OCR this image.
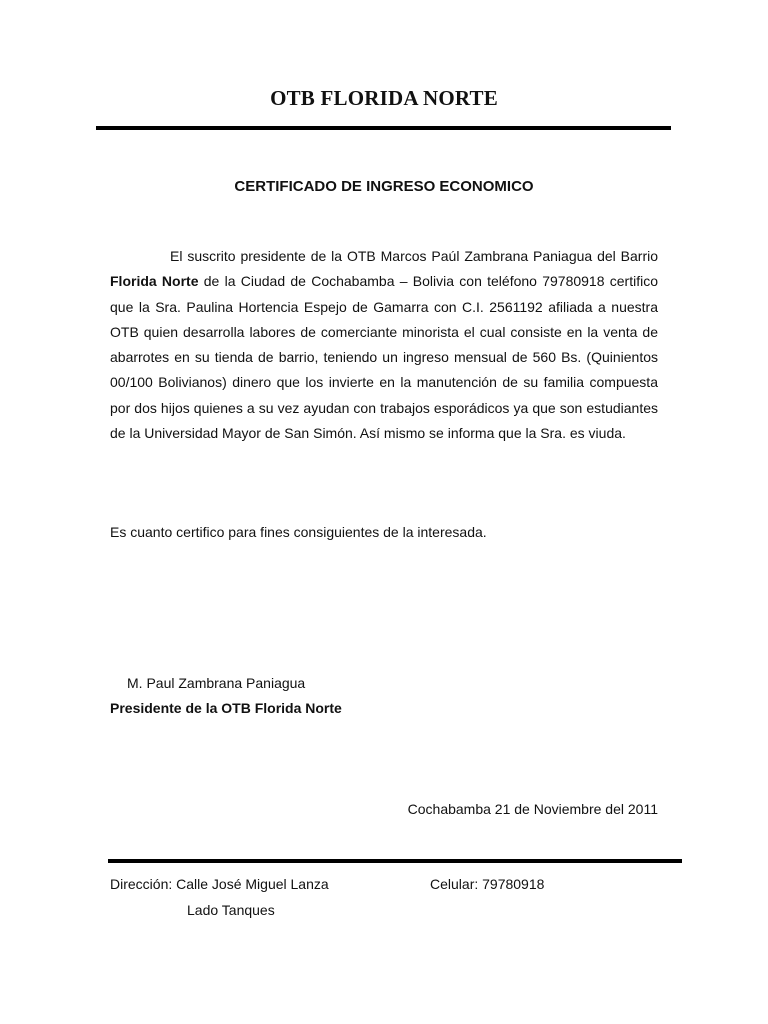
OTB FLORIDA NORTE
CERTIFICADO DE INGRESO ECONOMICO
El suscrito presidente de la OTB Marcos Paúl Zambrana Paniagua del Barrio Florida Norte de la Ciudad de Cochabamba – Bolivia con teléfono 79780918 certifico que la Sra. Paulina Hortencia Espejo de Gamarra con C.I. 2561192 afiliada a nuestra OTB quien desarrolla labores de comerciante minorista el cual consiste en la venta de abarrotes en su tienda de barrio, teniendo un ingreso mensual de 560 Bs. (Quinientos 00/100 Bolivianos) dinero que los invierte en la manutención de su familia compuesta por dos hijos quienes a su vez ayudan con trabajos esporádicos ya que son estudiantes de la Universidad Mayor de San Simón. Así mismo se informa que la Sra. es viuda.
Es cuanto certifico para fines consiguientes de la interesada.
M. Paul Zambrana Paniagua
Presidente de la OTB Florida Norte
Cochabamba 21 de Noviembre del 2011
Dirección: Calle José Miguel Lanza
Lado Tanques
Celular: 79780918
